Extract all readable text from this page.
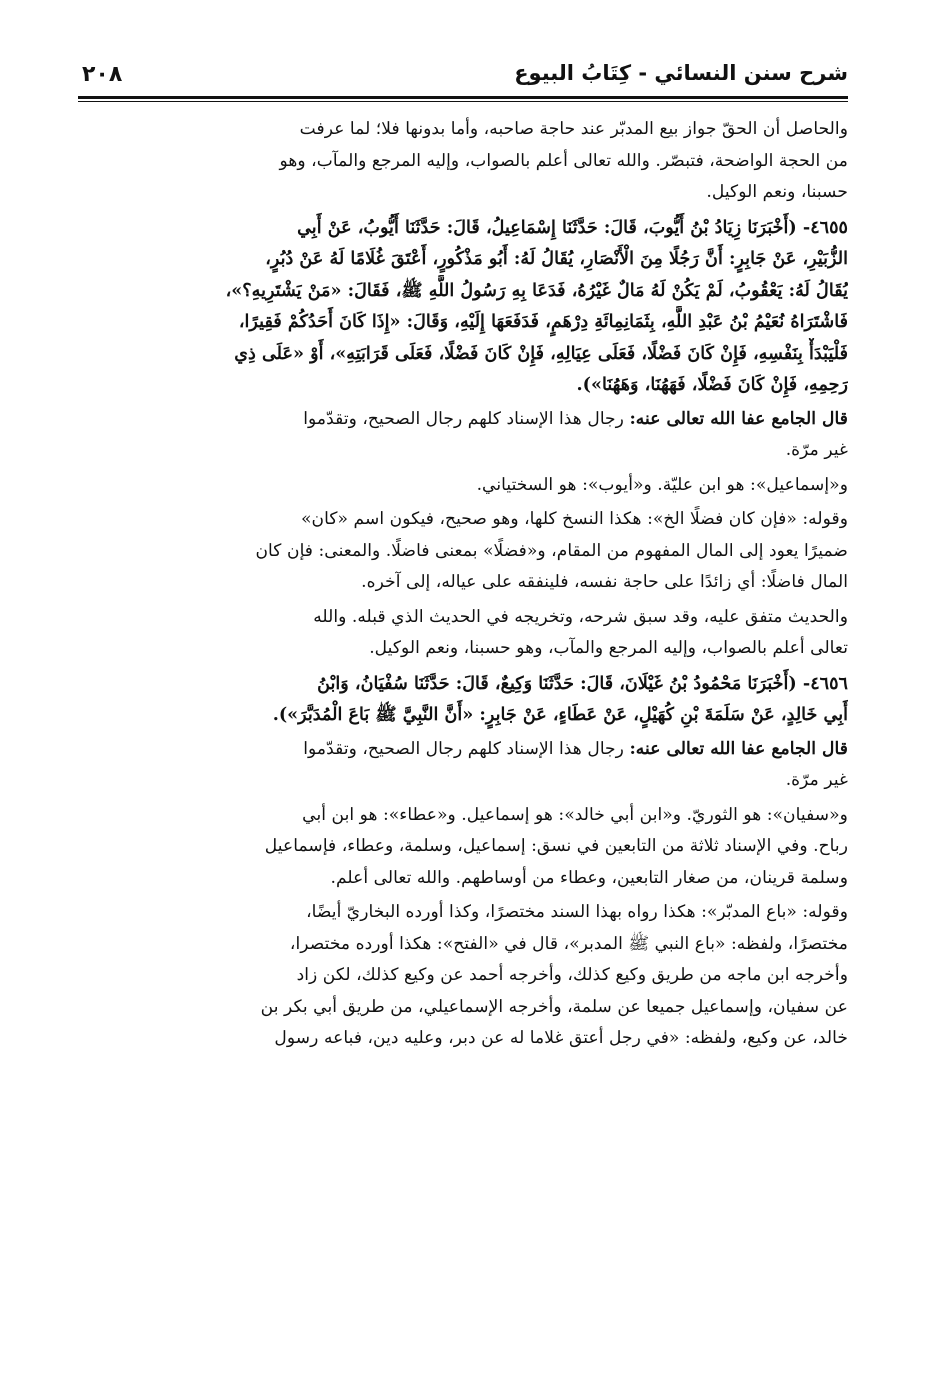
شرح سنن النسائي - كِتَابُ البيوع
٢٠٨
والحاصل أن الحقّ جواز بيع المدبّر عند حاجة صاحبه، وأما بدونها فلا؛ لما عرفت
من الحجة الواضحة، فتبصّر. والله تعالى أعلم بالصواب، وإليه المرجع والمآب، وهو
حسبنا، ونعم الوكيل.
٤٦٥٥- (أَخْبَرَنَا زِيَادُ بْنُ أَيُّوبَ، قَالَ: حَدَّثَنَا إِسْمَاعِيلُ، قَالَ: حَدَّثَنَا أَيُّوبُ، عَنْ أَبِي
الزُّبَيْرِ، عَنْ جَابِرٍ: أَنَّ رَجُلًا مِنَ الْأَنْصَارِ، يُقَالُ لَهُ: أَبُو مَذْكُورٍ، أَعْتَقَ غُلَامًا لَهُ عَنْ دُبُرٍ،
يُقَالُ لَهُ: يَعْقُوبُ، لَمْ يَكُنْ لَهُ مَالٌ غَيْرُهُ، فَدَعَا بِهِ رَسُولُ اللَّهِ ﷺ، فَقَالَ: «مَنْ يَشْتَرِيهِ؟»،
فَاشْتَرَاهُ نُعَيْمُ بْنُ عَبْدِ اللَّهِ، بِثَمَانِمِائَةِ دِرْهَمٍ، فَدَفَعَهَا إِلَيْهِ، وَقَالَ: «إِذَا كَانَ أَحَدُكُمْ فَقِيرًا،
فَلْيَبْدَأْ بِنَفْسِهِ، فَإِنْ كَانَ فَضْلًا، فَعَلَى عِيَالِهِ، فَإِنْ كَانَ فَضْلًا، فَعَلَى قَرَابَتِهِ»، أَوْ «عَلَى ذِي
رَحِمِهِ، فَإِنْ كَانَ فَضْلًا، فَهَهُنَا، وَهَهُنَا»).
قال الجامع عفا الله تعالى عنه: رجال هذا الإسناد كلهم رجال الصحيح، وتقدّموا
غير مرّة.
و«إسماعيل»: هو ابن عليّة. و«أيوب»: هو السختياني.
وقوله: «فإن كان فضلًا الخ»: هكذا النسخ كلها، وهو صحيح، فيكون اسم «كان»
ضميرًا يعود إلى المال المفهوم من المقام، و«فضلًا» بمعنى فاضلًا. والمعنى: فإن كان
المال فاضلًا: أي زائدًا على حاجة نفسه، فلينفقه على عياله، إلى آخره.
والحديث متفق عليه، وقد سبق شرحه، وتخريجه في الحديث الذي قبله. والله
تعالى أعلم بالصواب، وإليه المرجع والمآب، وهو حسبنا، ونعم الوكيل.
٤٦٥٦- (أَخْبَرَنَا مَحْمُودُ بْنُ غَيْلَانَ، قَالَ: حَدَّثَنَا وَكِيعٌ، قَالَ: حَدَّثَنَا سُفْيَانُ، وَابْنُ
أَبِي خَالِدٍ، عَنْ سَلَمَةَ بْنِ كُهَيْلٍ، عَنْ عَطَاءٍ، عَنْ جَابِرٍ: «أَنَّ النَّبِيَّ ﷺ بَاعَ الْمُدَبَّرَ»).
قال الجامع عفا الله تعالى عنه: رجال هذا الإسناد كلهم رجال الصحيح، وتقدّموا
غير مرّة.
و«سفيان»: هو الثوريّ. و«ابن أبي خالد»: هو إسماعيل. و«عطاء»: هو ابن أبي
رباح. وفي الإسناد ثلاثة من التابعين في نسق: إسماعيل، وسلمة، وعطاء، فإسماعيل
وسلمة قرينان، من صغار التابعين، وعطاء من أوساطهم. والله تعالى أعلم.
وقوله: «باع المدبّر»: هكذا رواه بهذا السند مختصرًا، وكذا أورده البخاريّ أيضًا،
مختصرًا، ولفظه: «باع النبي ﷺ المدبر»، قال في «الفتح»: هكذا أورده مختصرا،
وأخرجه ابن ماجه من طريق وكيع كذلك، وأخرجه أحمد عن وكيع كذلك، لكن زاد
عن سفيان، وإسماعيل جميعا عن سلمة، وأخرجه الإسماعيلي، من طريق أبي بكر بن
خالد، عن وكيع، ولفظه: «في رجل أعتق غلاما له عن دبر، وعليه دين، فباعه رسول
